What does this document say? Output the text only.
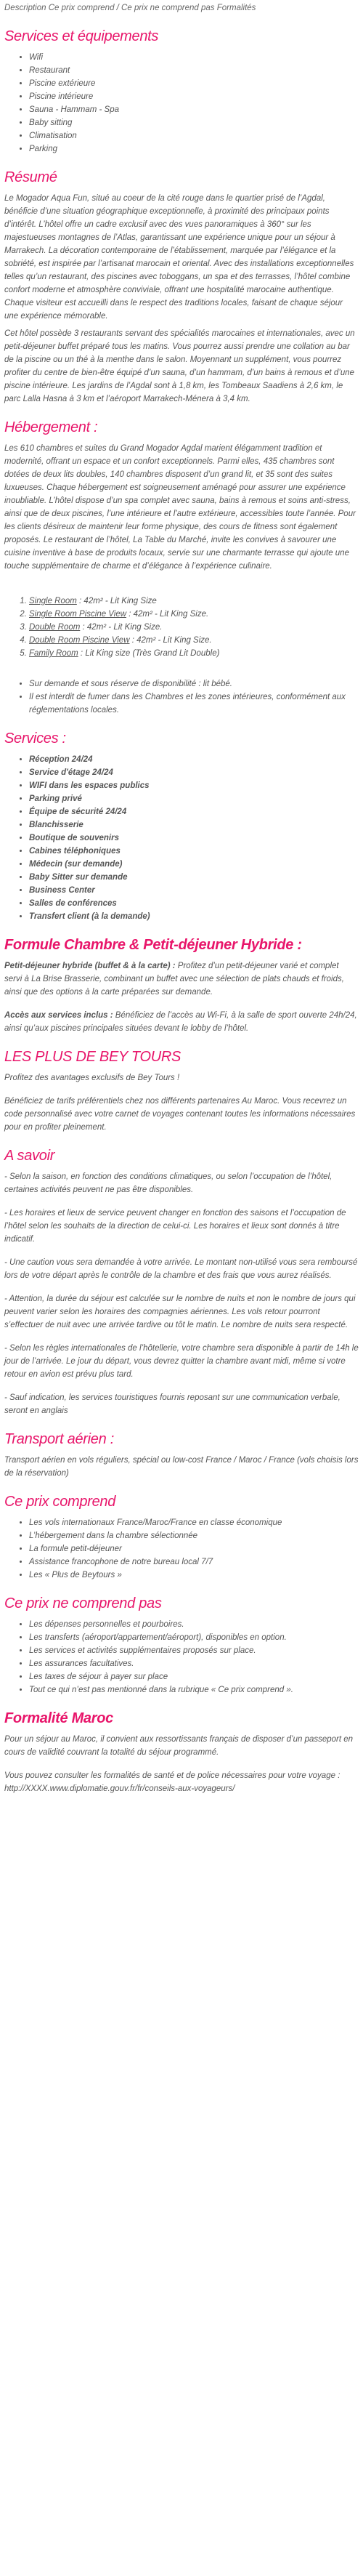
Description Ce prix comprend / Ce prix ne comprend pas Formalités
Services et équipements
• Wifi
• Restaurant
• Piscine extérieure
• Piscine intérieure
• Sauna - Hammam - Spa
• Baby sitting
• Climatisation
• Parking
Résumé

Le Mogador Aqua Fun, situé au coeur de la cité rouge dans le quartier prisé de l’Agdal, bénéficie d’une situation géographique exceptionnelle, à proximité des principaux points d’intérêt. L’hôtel offre un cadre exclusif avec des vues panoramiques à 360° sur les majestueuses montagnes de l’Atlas, garantissant une expérience unique pour un séjour à Marrakech. La décoration contemporaine de l’établissement, marquée par l’élégance et la sobriété, est inspirée par l’artisanat marocain et oriental. Avec des installations exceptionnelles telles qu’un restaurant, des piscines avec toboggans, un spa et des terrasses, l’hôtel combine confort moderne et atmosphère conviviale, offrant une hospitalité marocaine authentique. Chaque visiteur est accueilli dans le respect des traditions locales, faisant de chaque séjour une expérience mémorable.

Cet hôtel possède 3 restaurants servant des spécialités marocaines et internationales, avec un petit-déjeuner buffet préparé tous les matins. Vous pourrez aussi prendre une collation au bar de la piscine ou un thé à la menthe dans le salon. Moyennant un supplément, vous pourrez profiter du centre de bien-être équipé d’un sauna, d’un hammam, d’un bains à remous et d’une piscine intérieure. Les jardins de l’Agdal sont à 1,8 km, les Tombeaux Saadiens à 2,6 km, le parc Lalla Hasna à 3 km et l’aéroport Marrakech-Ménera à 3,4 km.

Hébergement :

Les 610 chambres et suites du Grand Mogador Agdal marient élégamment tradition et modernité, offrant un espace et un confort exceptionnels. Parmi elles, 435 chambres sont dotées de deux lits doubles, 140 chambres disposent d’un grand lit, et 35 sont des suites luxueuses. Chaque hébergement est soigneusement aménagé pour assurer une expérience inoubliable. L’hôtel dispose d’un spa complet avec sauna, bains à remous et soins anti-stress, ainsi que de deux piscines, l’une intérieure et l’autre extérieure, accessibles toute l’année. Pour les clients désireux de maintenir leur forme physique, des cours de fitness sont également proposés. Le restaurant de l’hôtel, La Table du Marché, invite les convives à savourer une cuisine inventive à base de produits locaux, servie sur une charmante terrasse qui ajoute une touche supplémentaire de charme et d’élégance à l’expérience culinaire.

1. Single Room : 42m² - Lit King Size
2. Single Room Piscine View : 42m² - Lit King Size.
3. Double Room : 42m² - Lit King Size.
4. Double Room Piscine View : 42m² - Lit King Size.
5. Family Room : Lit King size (Très Grand Lit Double)
• Sur demande et sous réserve de disponibilité : lit bébé.
• Il est interdit de fumer dans les Chambres et les zones intérieures, conformément aux réglementations locales.
Services :
• Réception 24/24
• Service d'étage 24/24
• WIFI dans les espaces publics
• Parking privé
• Équipe de sécurité 24/24
• Blanchisserie
• Boutique de souvenirs
• Cabines téléphoniques
• Médecin (sur demande)
• Baby Sitter sur demande
• Business Center
• Salles de conférences
• Transfert client (à la demande)
Formule Chambre & Petit-déjeuner Hybride :

Petit-déjeuner hybride (buffet & à la carte) : Profitez d’un petit-déjeuner varié et complet servi à La Brise Brasserie, combinant un buffet avec une sélection de plats chauds et froids, ainsi que des options à la carte préparées sur demande.

Accès aux services inclus : Bénéficiez de l’accès au Wi-Fi, à la salle de sport ouverte 24h/24, ainsi qu’aux piscines principales situées devant le lobby de l’hôtel.

LES PLUS DE BEY TOURS

Profitez des avantages exclusifs de Bey Tours !

Bénéficiez de tarifs préférentiels chez nos différents partenaires Au Maroc. Vous recevrez un code personnalisé avec votre carnet de voyages contenant toutes les informations nécessaires pour en profiter pleinement.

A savoir

- Selon la saison, en fonction des conditions climatiques, ou selon l’occupation de l’hôtel, certaines activités peuvent ne pas être disponibles.

- Les horaires et lieux de service peuvent changer en fonction des saisons et l’occupation de l’hôtel selon les souhaits de la direction de celui-ci. Les horaires et lieux sont donnés à titre indicatif.

- Une caution vous sera demandée à votre arrivée. Le montant non-utilisé vous sera remboursé lors de votre départ après le contrôle de la chambre et des frais que vous aurez réalisés.

- Attention, la durée du séjour est calculée sur le nombre de nuits et non le nombre de jours qui peuvent varier selon les horaires des compagnies aériennes. Les vols retour pourront s’effectuer de nuit avec une arrivée tardive ou tôt le matin. Le nombre de nuits sera respecté.

- Selon les règles internationales de l’hôtellerie, votre chambre sera disponible à partir de 14h le jour de l’arrivée. Le jour du départ, vous devrez quitter la chambre avant midi, même si votre retour en avion est prévu plus tard.

- Sauf indication, les services touristiques fournis reposant sur une communication verbale, seront en anglais

Transport aérien :

Transport aérien en vols réguliers, spécial ou low-cost France / Maroc / France (vols choisis lors de la réservation)

Ce prix comprend
• Les vols internationaux France/Maroc/France en classe économique
• L’hébergement dans la chambre sélectionnée
• La formule petit-déjeuner
• Assistance francophone de notre bureau local 7/7
• Les « Plus de Beytours »
Ce prix ne comprend pas
• Les dépenses personnelles et pourboires.
• Les transferts (aéroport/appartement/aéroport), disponibles en option.
• Les services et activités supplémentaires proposés sur place.
• Les assurances facultatives.
• Les taxes de séjour à payer sur place
• Tout ce qui n’est pas mentionné dans la rubrique « Ce prix comprend ».
Formalité Maroc

Pour un séjour au Maroc, il convient aux ressortissants français de disposer d’un passeport en cours de validité couvrant la totalité du séjour programmé.

Vous pouvez consulter les formalités de santé et de police nécessaires pour votre voyage : http://XXXX.www.diplomatie.gouv.fr/fr/conseils-aux-voyageurs/
